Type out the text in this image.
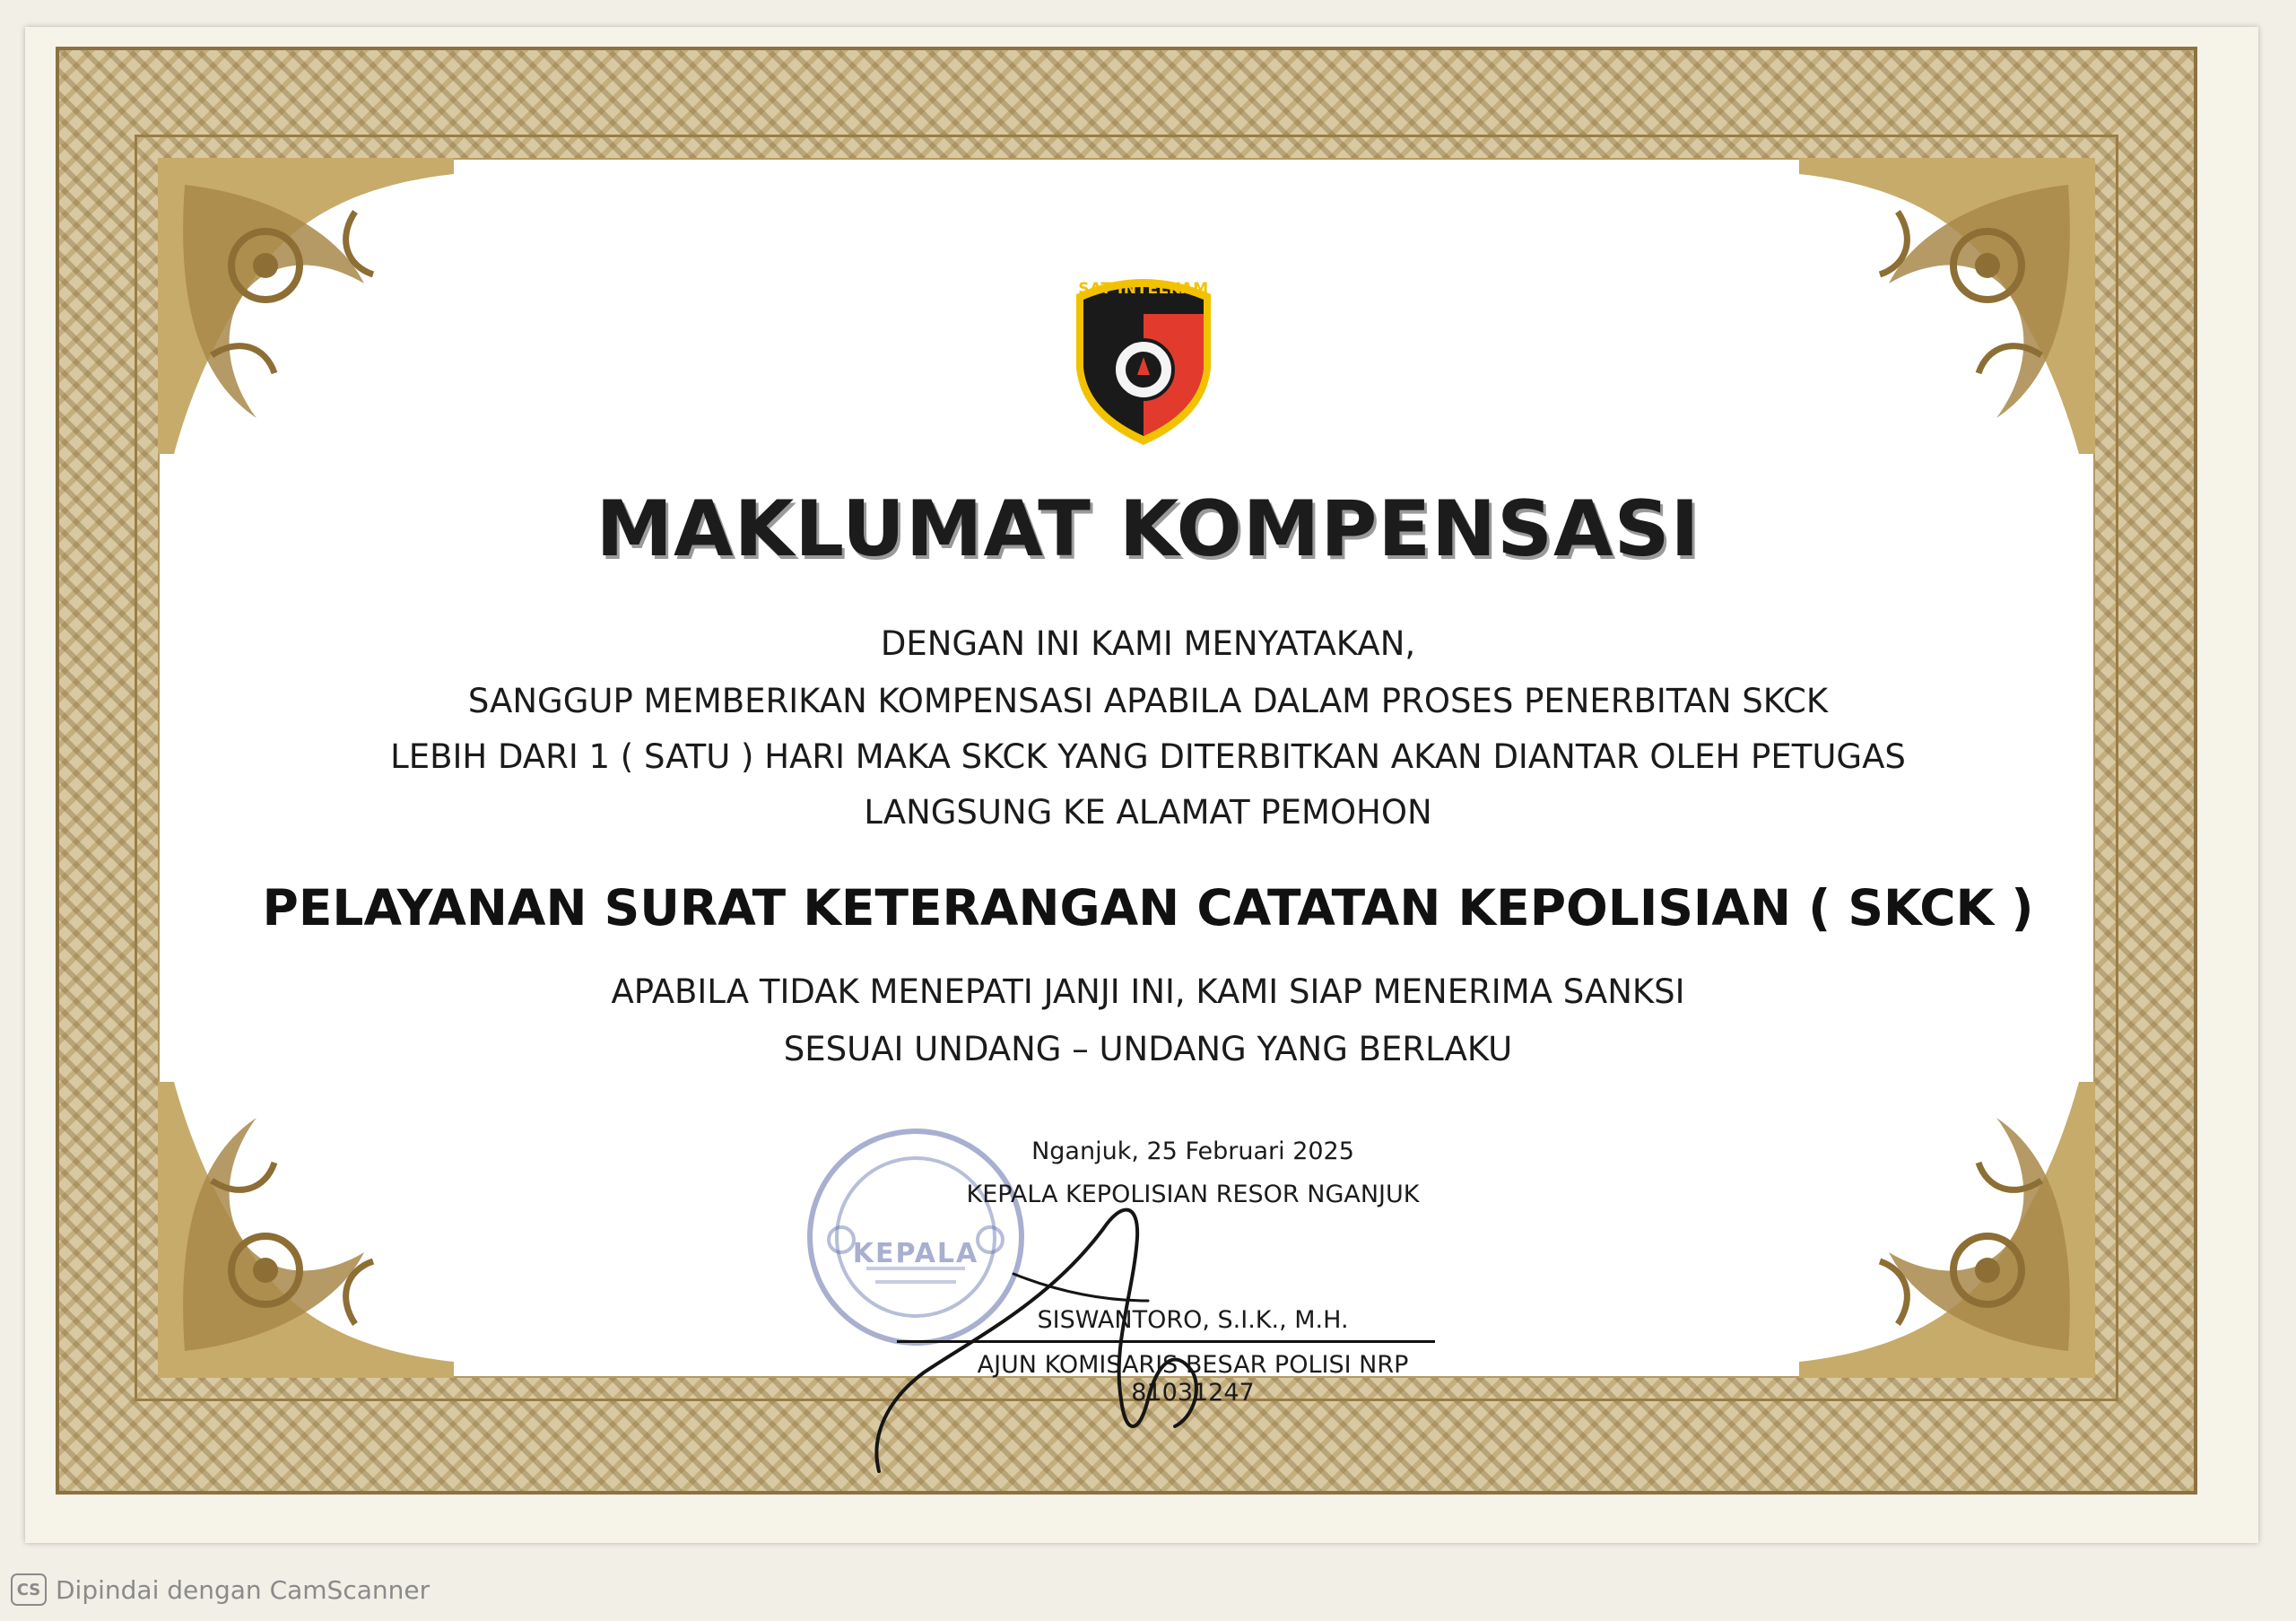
SAT INTELKAM
MAKLUMAT KOMPENSASI
DENGAN INI KAMI MENYATAKAN,
SANGGUP MEMBERIKAN KOMPENSASI APABILA DALAM PROSES PENERBITAN SKCK
LEBIH DARI 1 ( SATU ) HARI MAKA SKCK YANG DITERBITKAN AKAN DIANTAR OLEH PETUGAS
LANGSUNG KE ALAMAT PEMOHON
PELAYANAN SURAT KETERANGAN CATATAN KEPOLISIAN ( SKCK )
APABILA TIDAK MENEPATI JANJI INI, KAMI SIAP MENERIMA SANKSI
SESUAI UNDANG – UNDANG YANG BERLAKU
KEPALA
Nganjuk, 25 Februari 2025
KEPALA KEPOLISIAN RESOR NGANJUK
SISWANTORO, S.I.K., M.H.
AJUN KOMISARIS BESAR POLISI NRP 81031247
CS Dipindai dengan CamScanner
